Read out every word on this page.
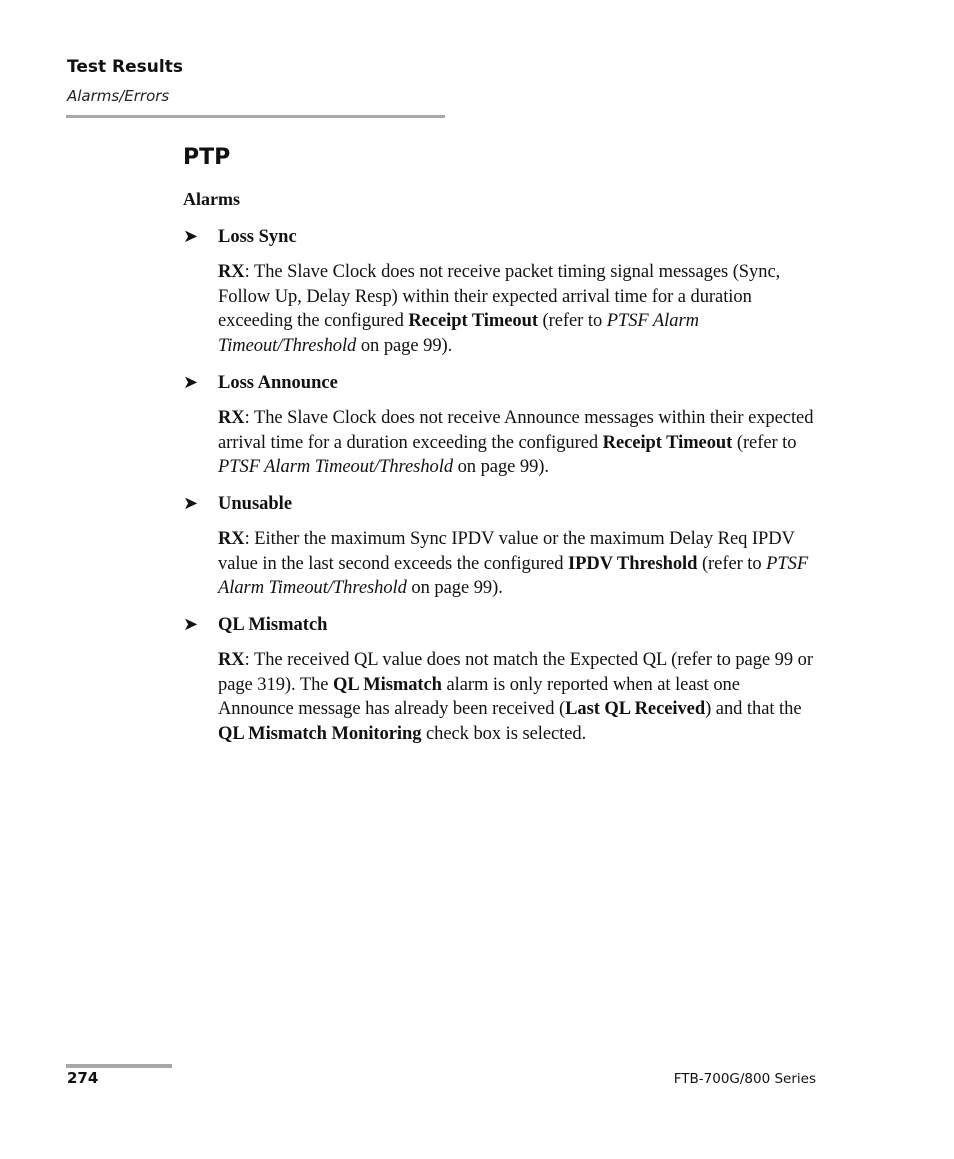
Test Results
Alarms/Errors
PTP
Alarms
➤	Loss Sync
RX: The Slave Clock does not receive packet timing signal messages (Sync, Follow Up, Delay Resp) within their expected arrival time for a duration exceeding the configured Receipt Timeout (refer to PTSF Alarm Timeout/Threshold on page 99).
➤	Loss Announce
RX: The Slave Clock does not receive Announce messages within their expected arrival time for a duration exceeding the configured Receipt Timeout (refer to PTSF Alarm Timeout/Threshold on page 99).
➤	Unusable
RX: Either the maximum Sync IPDV value or the maximum Delay Req IPDV value in the last second exceeds the configured IPDV Threshold (refer to PTSF Alarm Timeout/Threshold on page 99).
➤	QL Mismatch
RX: The received QL value does not match the Expected QL (refer to page 99 or page 319). The QL Mismatch alarm is only reported when at least one Announce message has already been received (Last QL Received) and that the QL Mismatch Monitoring check box is selected.
274	FTB-700G/800 Series
